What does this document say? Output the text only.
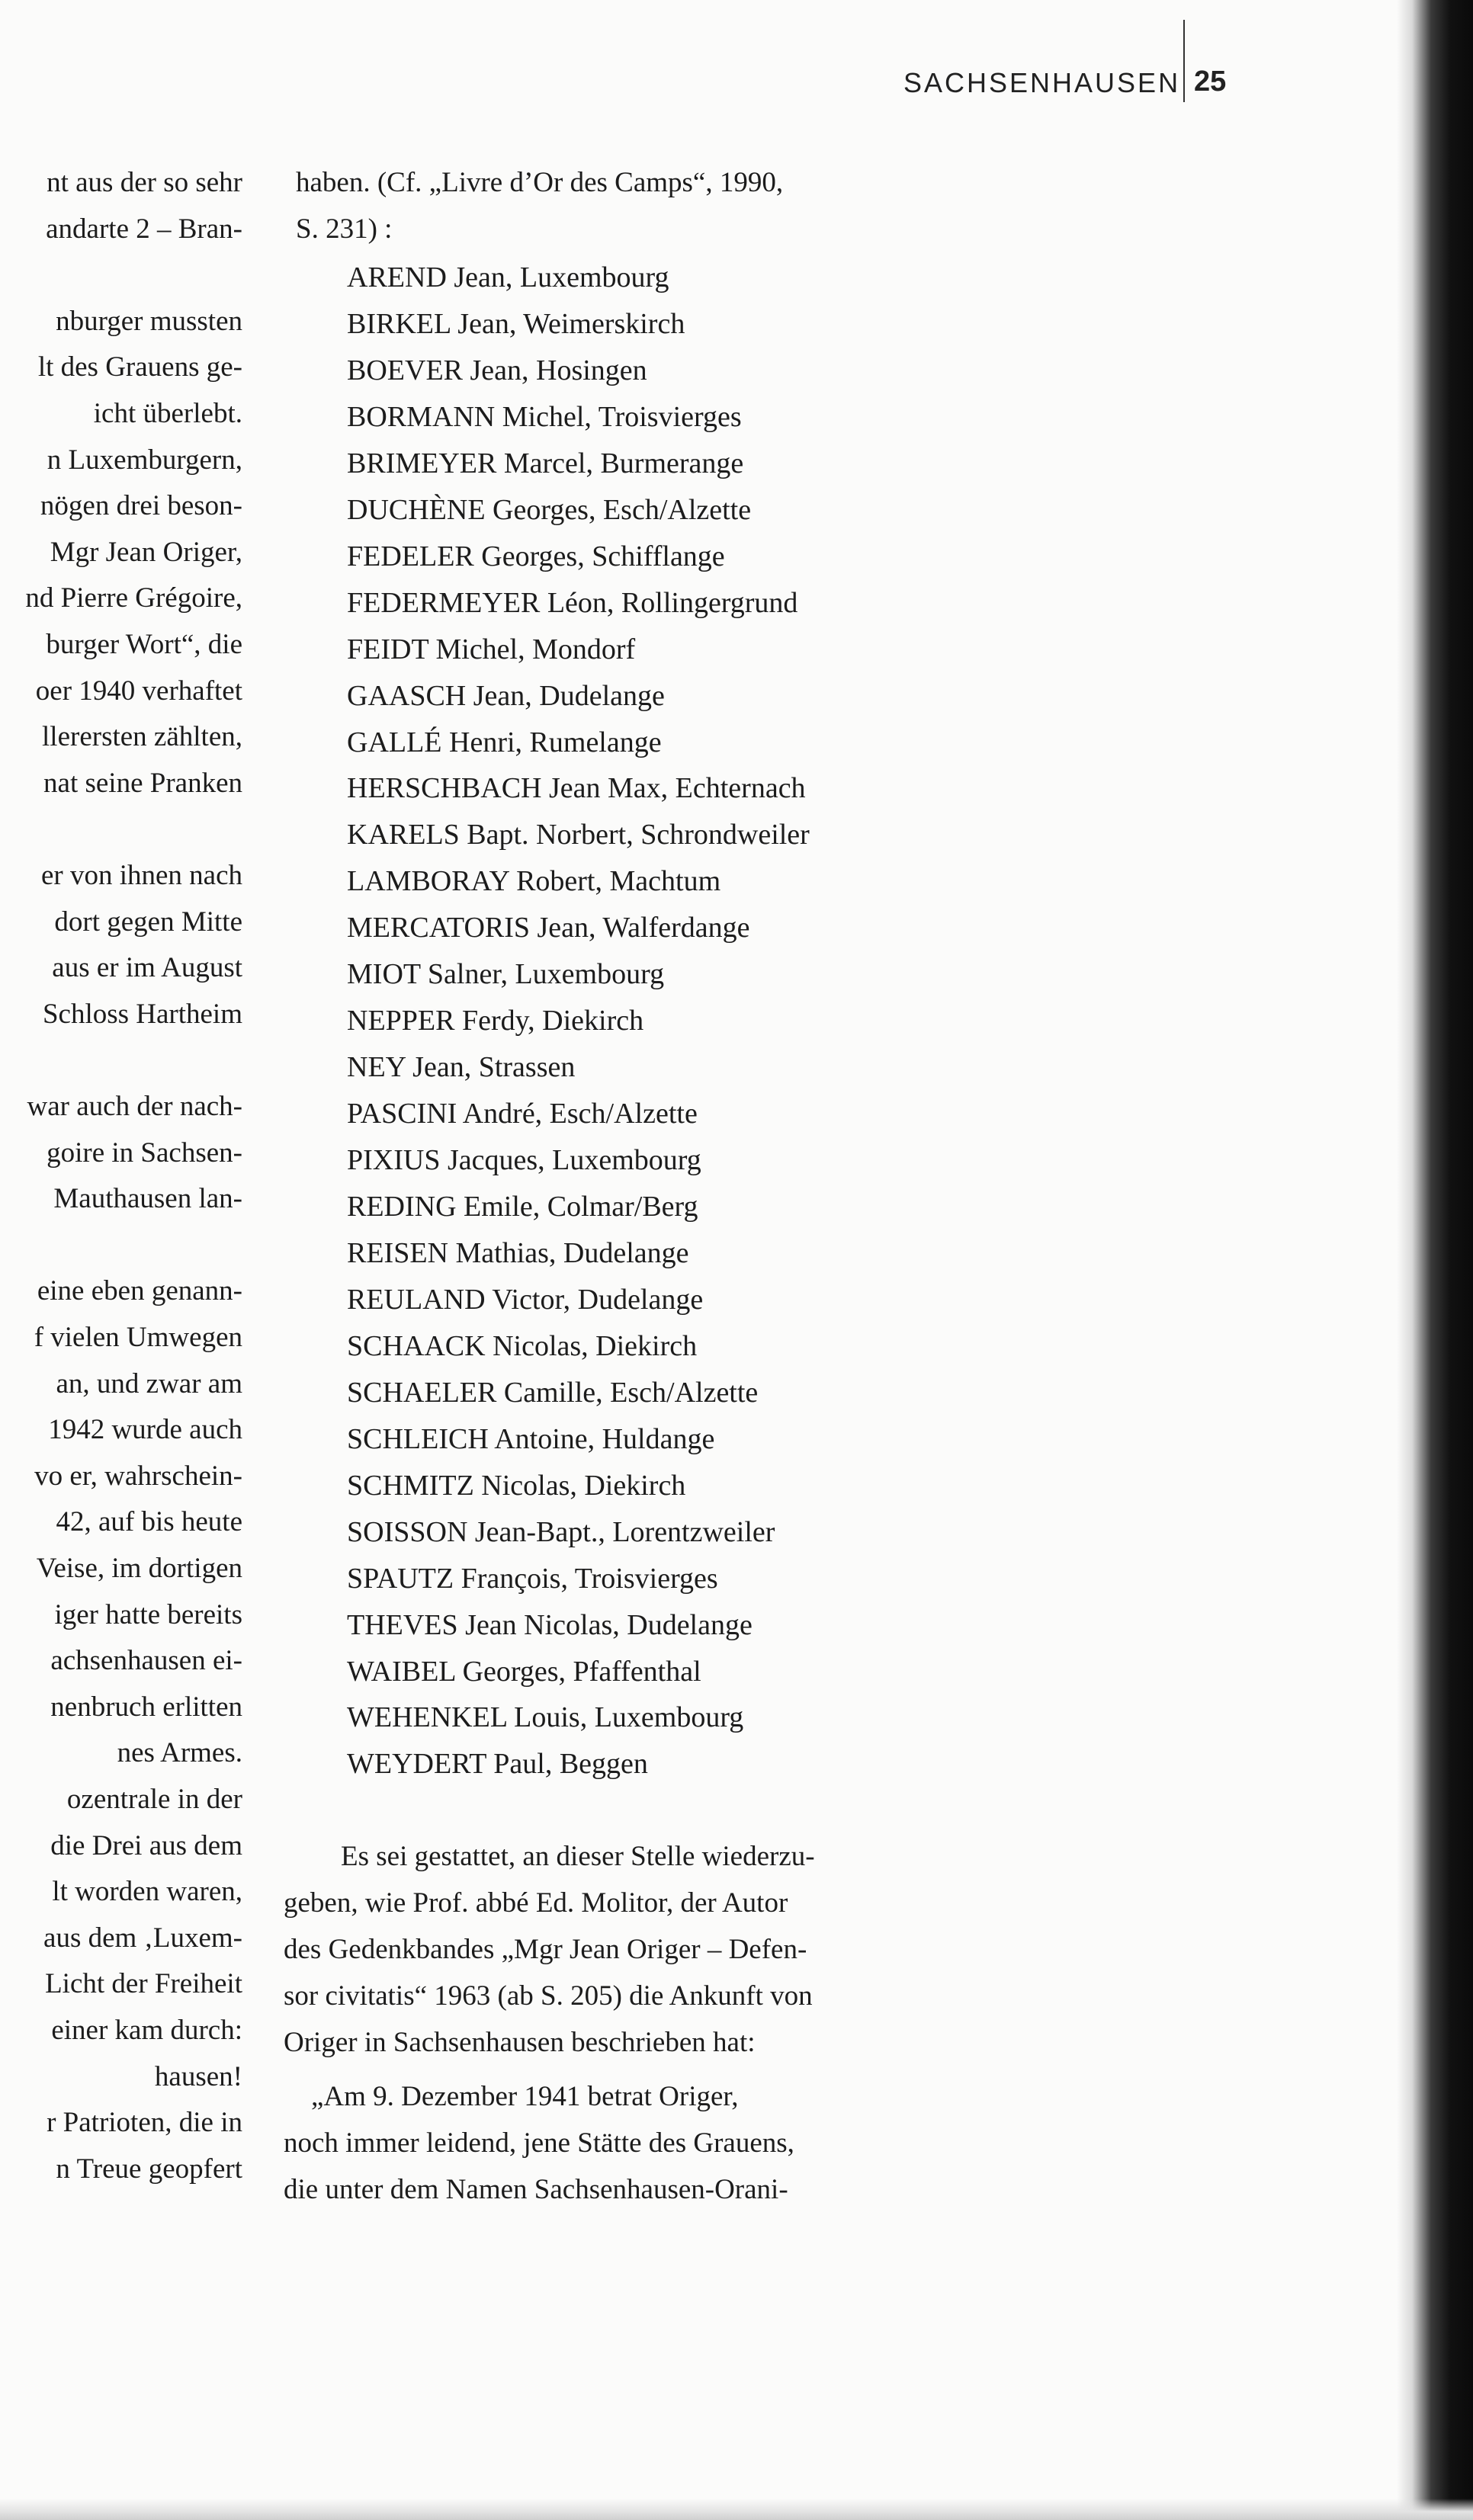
SACHSENHAUSEN 25
nt aus der so sehr
andarte 2 – Bran-
nburger mussten
lt des Grauens ge-
icht überlebt.
n Luxemburgern,
nögen drei beson-
Mgr Jean Origer,
nd Pierre Grégoire,
burger Wort“, die
oer 1940 verhaftet
llerersten zählten,
nat seine Pranken
er von ihnen nach
dort gegen Mitte
aus er im August
Schloss Hartheim
war auch der nach-
goire in Sachsen-
Mauthausen lan-
eine eben genann-
f vielen Umwegen
an, und zwar am
1942 wurde auch
vo er, wahrschein-
42, auf bis heute
Veise, im dortigen
iger hatte bereits
achsenhausen ei-
nenbruch erlitten
nes Armes.
ozentrale in der
die Drei aus dem
lt worden waren,
aus dem ‚Luxem-
Licht der Freiheit
einer kam durch:
hausen!
r Patrioten, die in
n Treue geopfert
haben. (Cf. „Livre d’Or des Camps“, 1990,
S. 231) :
AREND Jean, Luxembourg
BIRKEL Jean, Weimerskirch
BOEVER Jean, Hosingen
BORMANN Michel, Troisvierges
BRIMEYER Marcel, Burmerange
DUCHÈNE Georges, Esch/Alzette
FEDELER Georges, Schifflange
FEDERMEYER Léon, Rollingergrund
FEIDT Michel, Mondorf
GAASCH Jean, Dudelange
GALLÉ Henri, Rumelange
HERSCHBACH Jean Max, Echternach
KARELS Bapt. Norbert, Schrondweiler
LAMBORAY Robert, Machtum
MERCATORIS Jean, Walferdange
MIOT Salner, Luxembourg
NEPPER Ferdy, Diekirch
NEY Jean, Strassen
PASCINI André, Esch/Alzette
PIXIUS Jacques, Luxembourg
REDING Emile, Colmar/Berg
REISEN Mathias, Dudelange
REULAND Victor, Dudelange
SCHAACK Nicolas, Diekirch
SCHAELER Camille, Esch/Alzette
SCHLEICH Antoine, Huldange
SCHMITZ Nicolas, Diekirch
SOISSON Jean-Bapt., Lorentzweiler
SPAUTZ François, Troisvierges
THEVES Jean Nicolas, Dudelange
WAIBEL Georges, Pfaffenthal
WEHENKEL Louis, Luxembourg
WEYDERT Paul, Beggen
Es sei gestattet, an dieser Stelle wiederzu-
geben, wie Prof. abbé Ed. Molitor, der Autor
des Gedenkbandes „Mgr Jean Origer – Defen-
sor civitatis“ 1963 (ab S. 205) die Ankunft von
Origer in Sachsenhausen beschrieben hat:
„Am 9. Dezember 1941 betrat Origer,
noch immer leidend, jene Stätte des Grauens,
die unter dem Namen Sachsenhausen-Orani-
